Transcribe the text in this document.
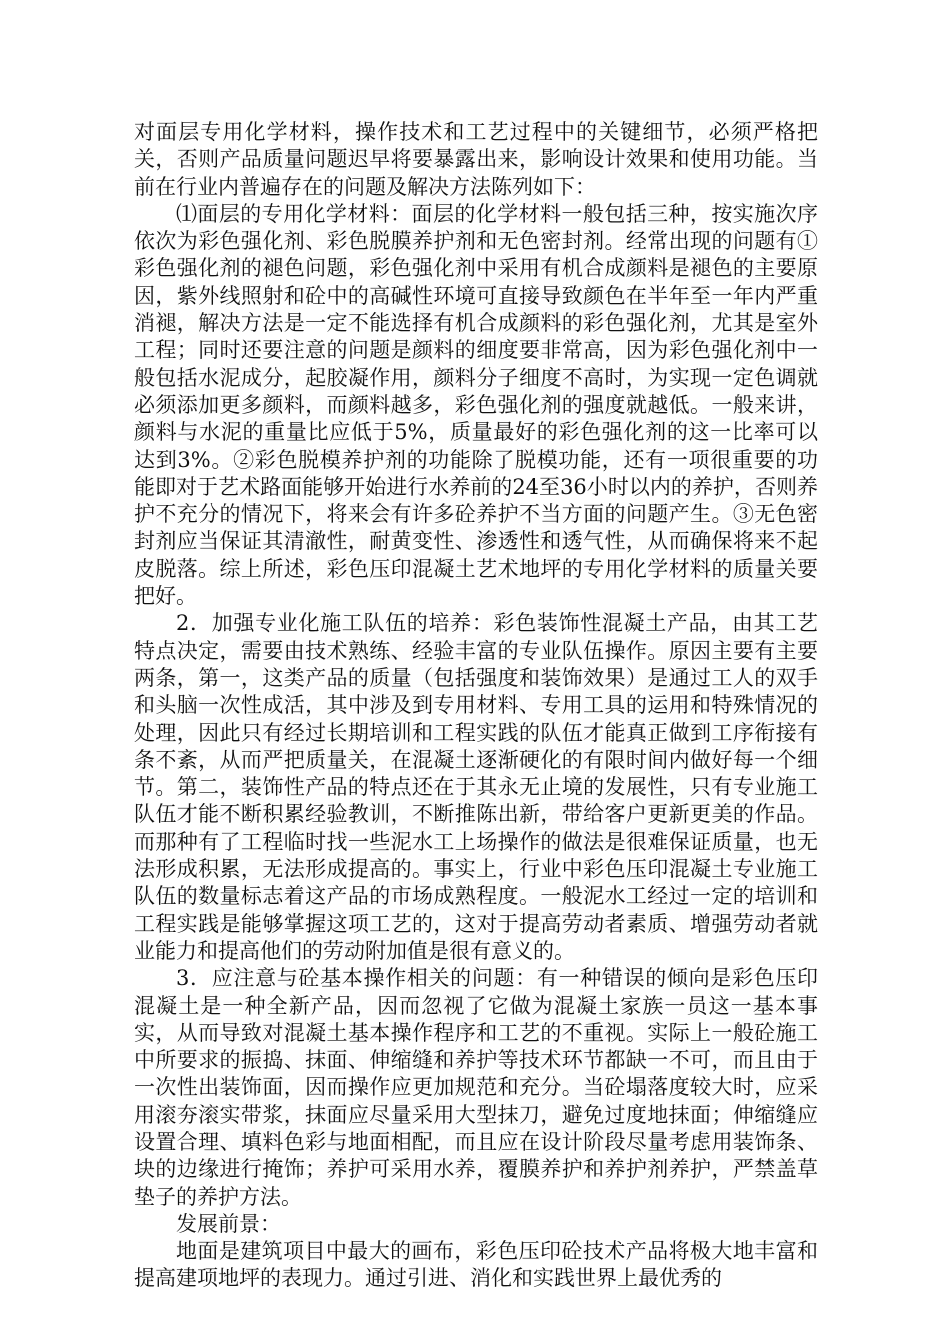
对面层专用化学材料，操作技术和工艺过程中的关键细节，必须严格把关，否则产品质量问题迟早将要暴露出来，影响设计效果和使用功能。当前在行业内普遍存在的问题及解决方法陈列如下：

⑴面层的专用化学材料：面层的化学材料一般包括三种，按实施次序依次为彩色强化剂、彩色脱膜养护剂和无色密封剂。经常出现的问题有①彩色强化剂的褪色问题，彩色强化剂中采用有机合成颜料是褪色的主要原因，紫外线照射和砼中的高碱性环境可直接导致颜色在半年至一年内严重消褪，解决方法是一定不能选择有机合成颜料的彩色强化剂，尤其是室外工程；同时还要注意的问题是颜料的细度要非常高，因为彩色强化剂中一般包括水泥成分，起胶凝作用，颜料分子细度不高时，为实现一定色调就必须添加更多颜料，而颜料越多，彩色强化剂的强度就越低。一般来讲，颜料与水泥的重量比应低于5%，质量最好的彩色强化剂的这一比率可以达到3%。②彩色脱模养护剂的功能除了脱模功能，还有一项很重要的功能即对于艺术路面能够开始进行水养前的24至36小时以内的养护，否则养护不充分的情况下，将来会有许多砼养护不当方面的问题产生。③无色密封剂应当保证其清澈性，耐黄变性、渗透性和透气性，从而确保将来不起皮脱落。综上所述，彩色压印混凝土艺术地坪的专用化学材料的质量关要把好。

2．加强专业化施工队伍的培养：彩色装饰性混凝土产品，由其工艺特点决定，需要由技术熟练、经验丰富的专业队伍操作。原因主要有主要两条，第一，这类产品的质量（包括强度和装饰效果）是通过工人的双手和头脑一次性成活，其中涉及到专用材料、专用工具的运用和特殊情况的处理，因此只有经过长期培训和工程实践的队伍才能真正做到工序衔接有条不紊，从而严把质量关，在混凝土逐渐硬化的有限时间内做好每一个细节。第二，装饰性产品的特点还在于其永无止境的发展性，只有专业施工队伍才能不断积累经验教训，不断推陈出新，带给客户更新更美的作品。而那种有了工程临时找一些泥水工上场操作的做法是很难保证质量，也无法形成积累，无法形成提高的。事实上，行业中彩色压印混凝土专业施工队伍的数量标志着这产品的市场成熟程度。一般泥水工经过一定的培训和工程实践是能够掌握这项工艺的，这对于提高劳动者素质、增强劳动者就业能力和提高他们的劳动附加值是很有意义的。

3．应注意与砼基本操作相关的问题：有一种错误的倾向是彩色压印混凝土是一种全新产品，因而忽视了它做为混凝土家族一员这一基本事实，从而导致对混凝土基本操作程序和工艺的不重视。实际上一般砼施工中所要求的振捣、抹面、伸缩缝和养护等技术环节都缺一不可，而且由于一次性出装饰面，因而操作应更加规范和充分。当砼塌落度较大时，应采用滚夯滚实带浆，抹面应尽量采用大型抹刀，避免过度地抹面；伸缩缝应设置合理、填料色彩与地面相配，而且应在设计阶段尽量考虑用装饰条、块的边缘进行掩饰；养护可采用水养，覆膜养护和养护剂养护，严禁盖草垫子的养护方法。

发展前景：

地面是建筑项目中最大的画布，彩色压印砼技术产品将极大地丰富和提高建项地坪的表现力。通过引进、消化和实践世界上最优秀的
